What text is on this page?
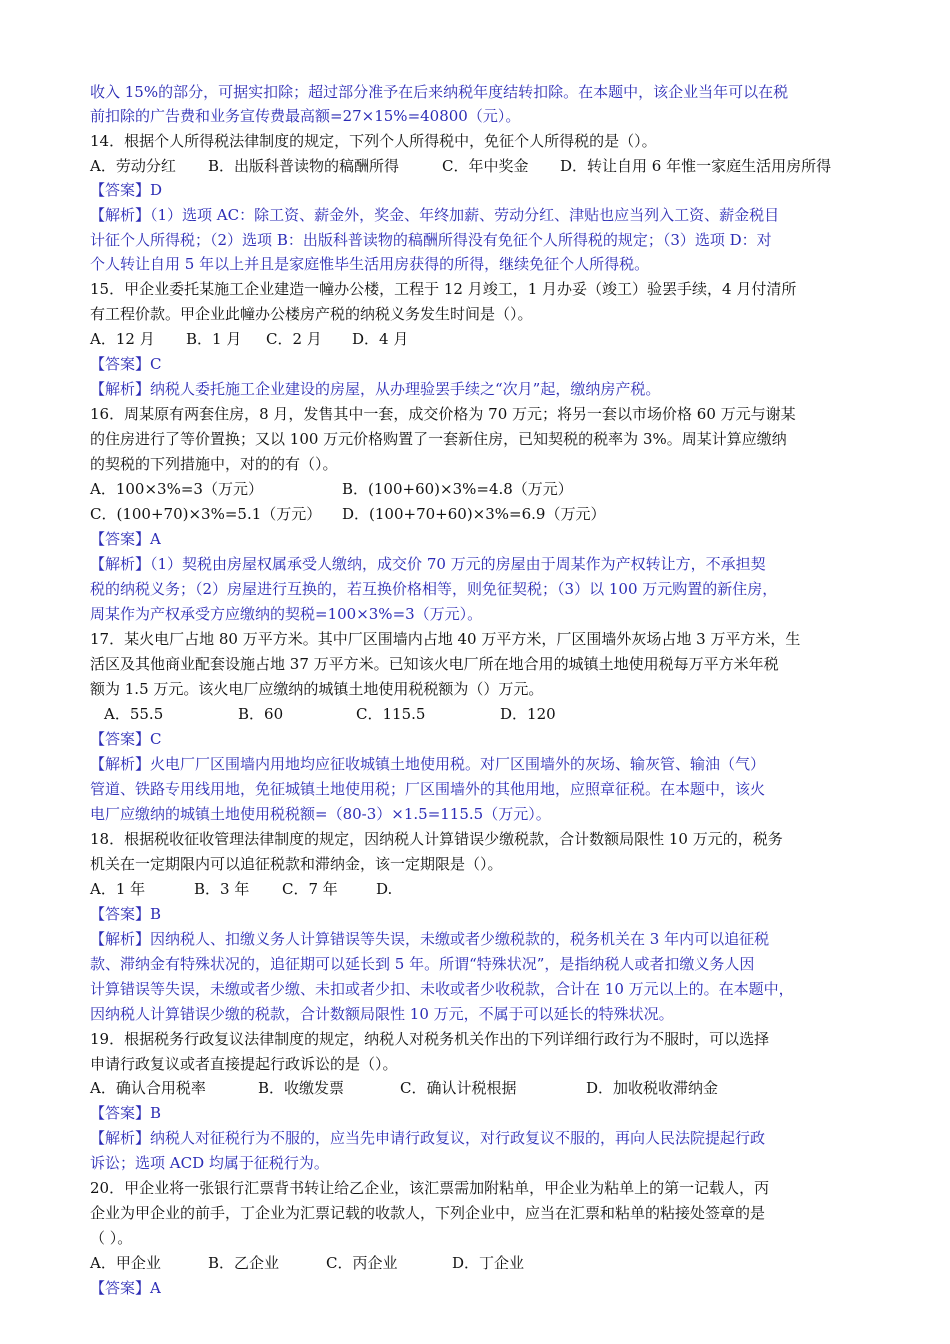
收入 15%的部分，可据实扣除；超过部分准予在后来纳税年度结转扣除。在本题中，该企业当年可以在税
前扣除的广告费和业务宣传费最高额=27×15%=40800（元）。
14．根据个人所得税法律制度的规定，下列个人所得税中，免征个人所得税的是（）。
A．劳动分红 B．出版科普读物的稿酬所得	C．年中奖金 D．转让自用 6 年惟一家庭生活用房所得
【答案】D
【解析】（1）选项 AC：除工资、薪金外，奖金、年终加薪、劳动分红、津贴也应当列入工资、薪金税目
计征个人所得税；（2）选项 B：出版科普读物的稿酬所得没有免征个人所得税的规定；（3）选项 D：对
个人转让自用 5 年以上并且是家庭惟毕生活用房获得的所得，继续免征个人所得税。
15．甲企业委托某施工企业建造一幢办公楼，工程于 12 月竣工，1 月办妥（竣工）验罢手续，4 月付清所
有工程价款。甲企业此幢办公楼房产税的纳税义务发生时间是（）。
A．12 月 B．1 月 C．2 月 D．4 月
【答案】C
【解析】纳税人委托施工企业建设的房屋，从办理验罢手续之“次月”起，缴纳房产税。
16．周某原有两套住房，8 月，发售其中一套，成交价格为 70 万元；将另一套以市场价格 60 万元与谢某
的住房进行了等价置换；又以 100 万元价格购置了一套新住房，已知契税的税率为 3%。周某计算应缴纳
的契税的下列措施中，对的的有（）。
A．100×3%=3（万元）	B．(100+60)×3%=4.8（万元）
C．(100+70)×3%=5.1（万元） D．(100+70+60)×3%=6.9（万元）
【答案】A
【解析】（1）契税由房屋权属承受人缴纳，成交价 70 万元的房屋由于周某作为产权转让方，不承担契
税的纳税义务；（2）房屋进行互换的，若互换价格相等，则免征契税；（3）以 100 万元购置的新住房，
周某作为产权承受方应缴纳的契税=100×3%=3（万元）。
17．某火电厂占地 80 万平方米。其中厂区围墙内占地 40 万平方米，厂区围墙外灰场占地 3 万平方米，生
活区及其他商业配套设施占地 37 万平方米。已知该火电厂所在地合用的城镇土地使用税每万平方米年税
额为 1.5 万元。该火电厂应缴纳的城镇土地使用税税额为（）万元。
A．55.5	B．60	C．115.5	D．120
【答案】C
【解析】火电厂厂区围墙内用地均应征收城镇土地使用税。对厂区围墙外的灰场、输灰管、输油（气）
管道、铁路专用线用地，免征城镇土地使用税；厂区围墙外的其他用地，应照章征税。在本题中，该火
电厂应缴纳的城镇土地使用税税额=（80-3）×1.5=115.5（万元）。
18．根据税收征收管理法律制度的规定，因纳税人计算错误少缴税款，合计数额局限性 10 万元的，税务
机关在一定期限内可以追征税款和滞纳金，该一定期限是（）。
A．1 年	B．3 年 C．7 年	D.
【答案】B
【解析】因纳税人、扣缴义务人计算错误等失误，未缴或者少缴税款的，税务机关在 3 年内可以追征税
款、滞纳金有特殊状况的，追征期可以延长到 5 年。所谓“特殊状况”，是指纳税人或者扣缴义务人因
计算错误等失误，未缴或者少缴、未扣或者少扣、未收或者少收税款，合计在 10 万元以上的。在本题中，
因纳税人计算错误少缴的税款，合计数额局限性 10 万元，不属于可以延长的特殊状况。
19．根据税务行政复议法律制度的规定，纳税人对税务机关作出的下列详细行政行为不服时，可以选择
申请行政复议或者直接提起行政诉讼的是（）。
A．确认合用税率	B．收缴发票	C．确认计税根据	D．加收税收滞纳金
【答案】B
【解析】纳税人对征税行为不服的，应当先申请行政复议，对行政复议不服的，再向人民法院提起行政
诉讼；选项 ACD 均属于征税行为。
20．甲企业将一张银行汇票背书转让给乙企业，该汇票需加附粘单，甲企业为粘单上的第一记载人，丙
企业为甲企业的前手，丁企业为汇票记载的收款人，下列企业中，应当在汇票和粘单的粘接处签章的是
（ ）。
A．甲企业	B．乙企业	C．丙企业	D．丁企业
【答案】A
